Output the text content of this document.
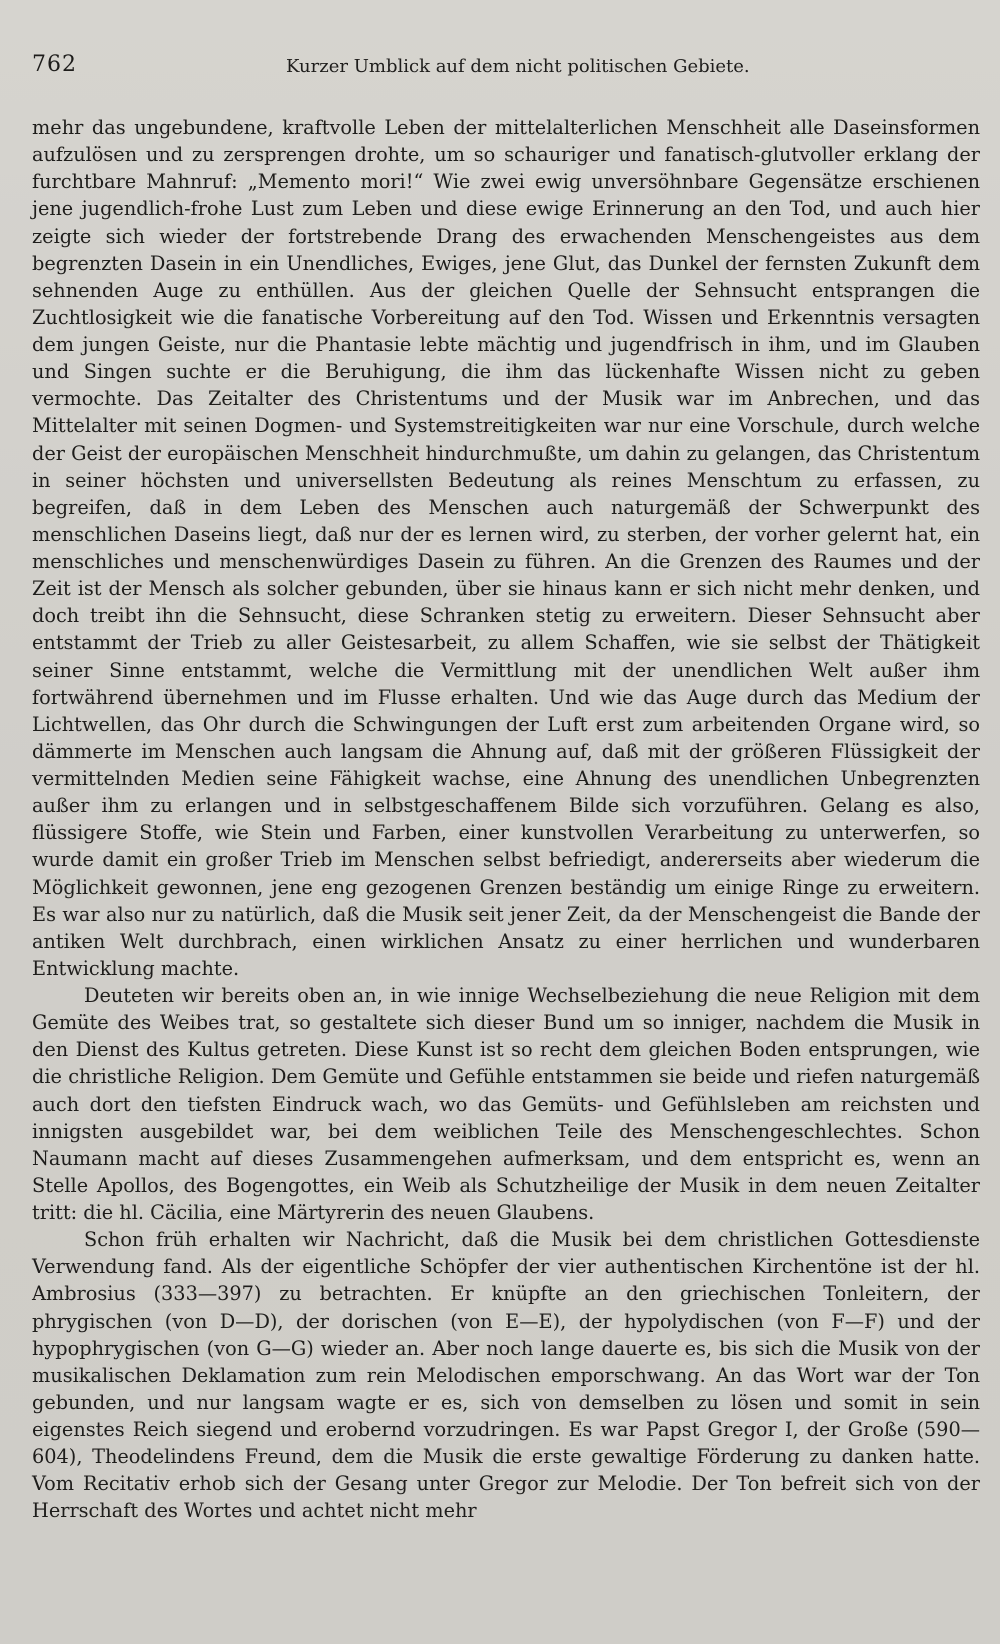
762	Kurzer Umblick auf dem nicht politischen Gebiete.

mehr das ungebundene, kraftvolle Leben der mittelalterlichen Menschheit alle Daseinsformen aufzulösen und zu zersprengen drohte, um so schauriger und fanatisch-glutvoller erklang der furchtbare Mahnruf: „Memento mori!“ Wie zwei ewig unversöhnbare Gegensätze erschienen jene jugendlich-frohe Lust zum Leben und diese ewige Erinnerung an den Tod, und auch hier zeigte sich wieder der fortstrebende Drang des erwachenden Menschengeistes aus dem begrenzten Dasein in ein Unendliches, Ewiges, jene Glut, das Dunkel der fernsten Zukunft dem sehnenden Auge zu enthüllen. Aus der gleichen Quelle der Sehnsucht entsprangen die Zuchtlosigkeit wie die fanatische Vorbereitung auf den Tod. Wissen und Erkenntnis versagten dem jungen Geiste, nur die Phantasie lebte mächtig und jugendfrisch in ihm, und im Glauben und Singen suchte er die Beruhigung, die ihm das lückenhafte Wissen nicht zu geben vermochte. Das Zeitalter des Christentums und der Musik war im Anbrechen, und das Mittelalter mit seinen Dogmen- und Systemstreitigkeiten war nur eine Vorschule, durch welche der Geist der europäischen Menschheit hindurchmußte, um dahin zu gelangen, das Christentum in seiner höchsten und universellsten Bedeutung als reines Menschtum zu erfassen, zu begreifen, daß in dem Leben des Menschen auch naturgemäß der Schwerpunkt des menschlichen Daseins liegt, daß nur der es lernen wird, zu sterben, der vorher gelernt hat, ein menschliches und menschenwürdiges Dasein zu führen. An die Grenzen des Raumes und der Zeit ist der Mensch als solcher gebunden, über sie hinaus kann er sich nicht mehr denken, und doch treibt ihn die Sehnsucht, diese Schranken stetig zu erweitern. Dieser Sehnsucht aber entstammt der Trieb zu aller Geistesarbeit, zu allem Schaffen, wie sie selbst der Thätigkeit seiner Sinne entstammt, welche die Vermittlung mit der unendlichen Welt außer ihm fortwährend übernehmen und im Flusse erhalten. Und wie das Auge durch das Medium der Lichtwellen, das Ohr durch die Schwingungen der Luft erst zum arbeitenden Organe wird, so dämmerte im Menschen auch langsam die Ahnung auf, daß mit der größeren Flüssigkeit der vermittelnden Medien seine Fähigkeit wachse, eine Ahnung des unendlichen Unbegrenzten außer ihm zu erlangen und in selbstgeschaffenem Bilde sich vorzuführen. Gelang es also, flüssigere Stoffe, wie Stein und Farben, einer kunstvollen Verarbeitung zu unterwerfen, so wurde damit ein großer Trieb im Menschen selbst befriedigt, andererseits aber wiederum die Möglichkeit gewonnen, jene eng gezogenen Grenzen beständig um einige Ringe zu erweitern. Es war also nur zu natürlich, daß die Musik seit jener Zeit, da der Menschengeist die Bande der antiken Welt durchbrach, einen wirklichen Ansatz zu einer herrlichen und wunderbaren Entwicklung machte.

Deuteten wir bereits oben an, in wie innige Wechselbeziehung die neue Religion mit dem Gemüte des Weibes trat, so gestaltete sich dieser Bund um so inniger, nachdem die Musik in den Dienst des Kultus getreten. Diese Kunst ist so recht dem gleichen Boden entsprungen, wie die christliche Religion. Dem Gemüte und Gefühle entstammen sie beide und riefen naturgemäß auch dort den tiefsten Eindruck wach, wo das Gemüts- und Gefühlsleben am reichsten und innigsten ausgebildet war, bei dem weiblichen Teile des Menschengeschlechtes. Schon Naumann macht auf dieses Zusammengehen aufmerksam, und dem entspricht es, wenn an Stelle Apollos, des Bogengottes, ein Weib als Schutzheilige der Musik in dem neuen Zeitalter tritt: die hl. Cäcilia, eine Märtyrerin des neuen Glaubens.

Schon früh erhalten wir Nachricht, daß die Musik bei dem christlichen Gottesdienste Verwendung fand. Als der eigentliche Schöpfer der vier authentischen Kirchentöne ist der hl. Ambrosius (333—397) zu betrachten. Er knüpfte an den griechischen Tonleitern, der phrygischen (von D—D), der dorischen (von E—E), der hypolydischen (von F—F) und der hypophrygischen (von G—G) wieder an. Aber noch lange dauerte es, bis sich die Musik von der musikalischen Deklamation zum rein Melodischen emporschwang. An das Wort war der Ton gebunden, und nur langsam wagte er es, sich von demselben zu lösen und somit in sein eigenstes Reich siegend und erobernd vorzudringen. Es war Papst Gregor I, der Große (590—604), Theodelindens Freund, dem die Musik die erste gewaltige Förderung zu danken hatte. Vom Recitativ erhob sich der Gesang unter Gregor zur Melodie. Der Ton befreit sich von der Herrschaft des Wortes und achtet nicht mehr
